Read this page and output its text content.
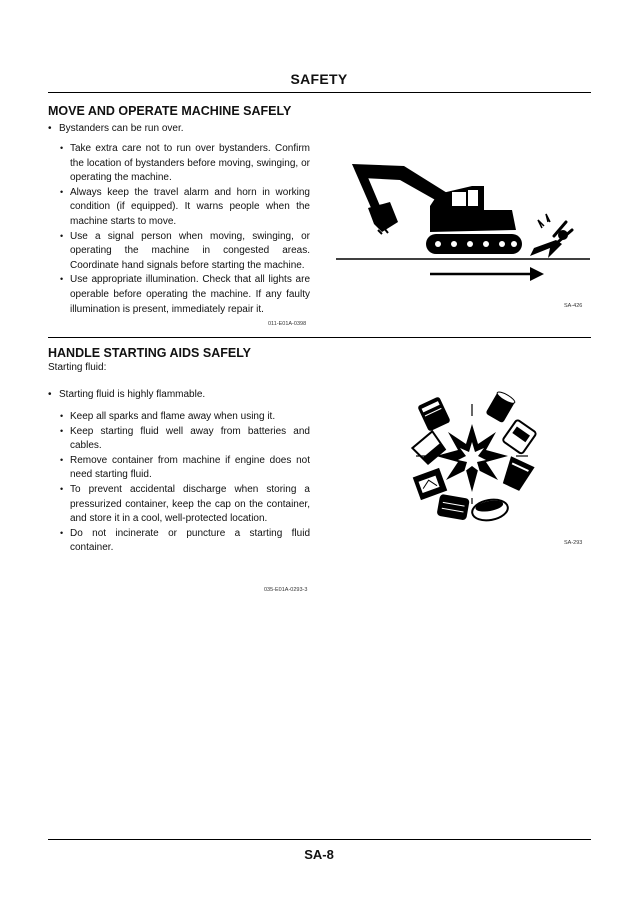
SAFETY
MOVE AND OPERATE MACHINE SAFELY
• Bystanders can be run over.
• Take extra care not to run over bystanders. Confirm the location of bystanders before moving, swinging, or operating the machine.
• Always keep the travel alarm and horn in working condition (if equipped). It warns people when the machine starts to move.
• Use a signal person when moving, swinging, or operating the machine in congested areas. Coordinate hand signals before starting the machine.
• Use appropriate illumination. Check that all lights are operable before operating the machine. If any faulty illumination is present, immediately repair it.	SA-426
011-E01A-0398
HANDLE STARTING AIDS SAFELY
Starting fluid:
• Starting fluid is highly flammable.
• Keep all sparks and flame away when using it.
• Keep starting fluid well away from batteries and cables.
• Remove container from machine if engine does not need starting fluid.
• To prevent accidental discharge when storing a pressurized container, keep the cap on the container, and store it in a cool, well-protected location.
• Do not incinerate or puncture a starting fluid container.	SA-293
035-E01A-0293-3
SA-8
